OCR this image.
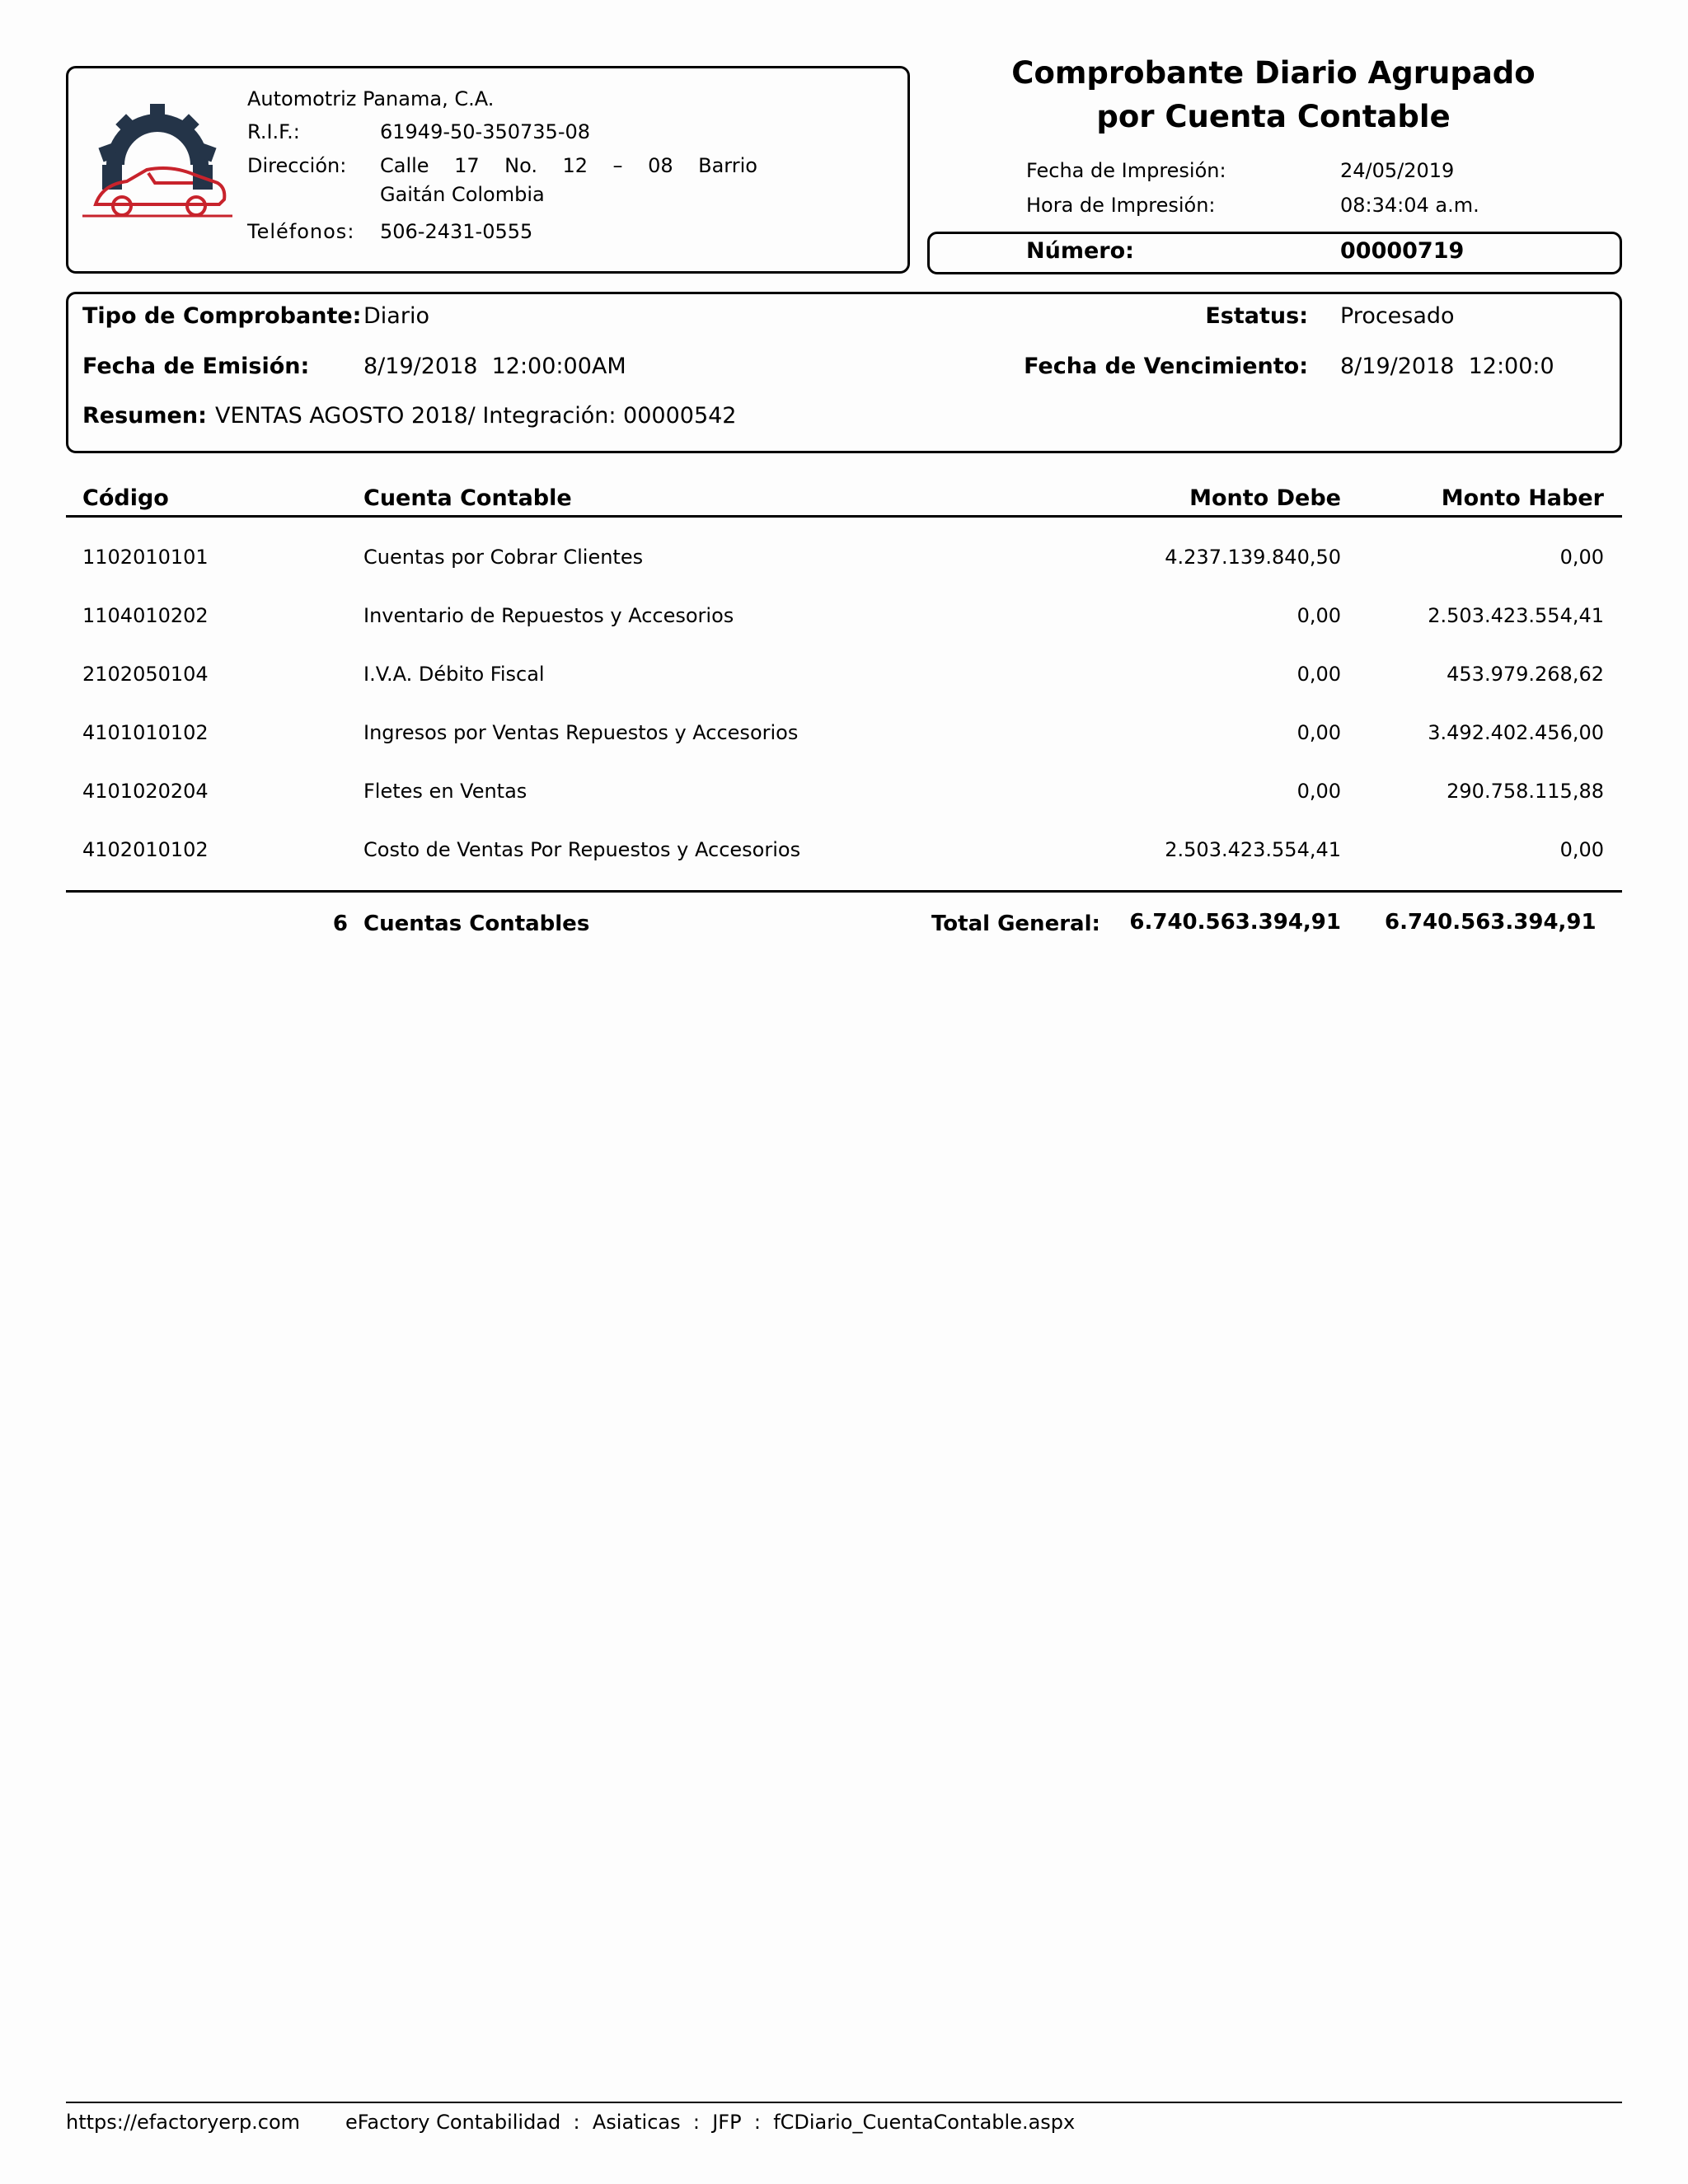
Automotriz Panama, C.A.
R.I.F.:	61949-50-350735-08
Dirección: Calle    17    No.    12    –    08    Barrio
Gaitán Colombia
Teléfonos: 506-2431-0555
Comprobante Diario Agrupado
por Cuenta Contable
Fecha de Impresión:	24/05/2019
Hora de Impresión:	08:34:04 a.m.
Número:	00000719
Tipo de Comprobante: Diario	Estatus: Procesado
Fecha de Emisión: 8/19/2018  12:00:00AM	Fecha de Vencimiento: 8/19/2018  12:00:0
Resumen: VENTAS AGOSTO 2018/ Integración: 00000542
Código	Cuenta Contable	Monto Debe	Monto Haber
1102010101	Cuentas por Cobrar Clientes	4.237.139.840,50	0,00
1104010202	Inventario de Repuestos y Accesorios	0,00	2.503.423.554,41
2102050104	I.V.A. Débito Fiscal	0,00	453.979.268,62
4101010102	Ingresos por Ventas Repuestos y Accesorios	0,00	3.492.402.456,00
4101020204	Fletes en Ventas	0,00	290.758.115,88
4102010102	Costo de Ventas Por Repuestos y Accesorios	2.503.423.554,41	0,00
6 Cuentas Contables	Total General: 6.740.563.394,91 6.740.563.394,91
https://efactoryerp.com eFactory Contabilidad  :  Asiaticas  :  JFP  :  fCDiario_CuentaContable.aspx
